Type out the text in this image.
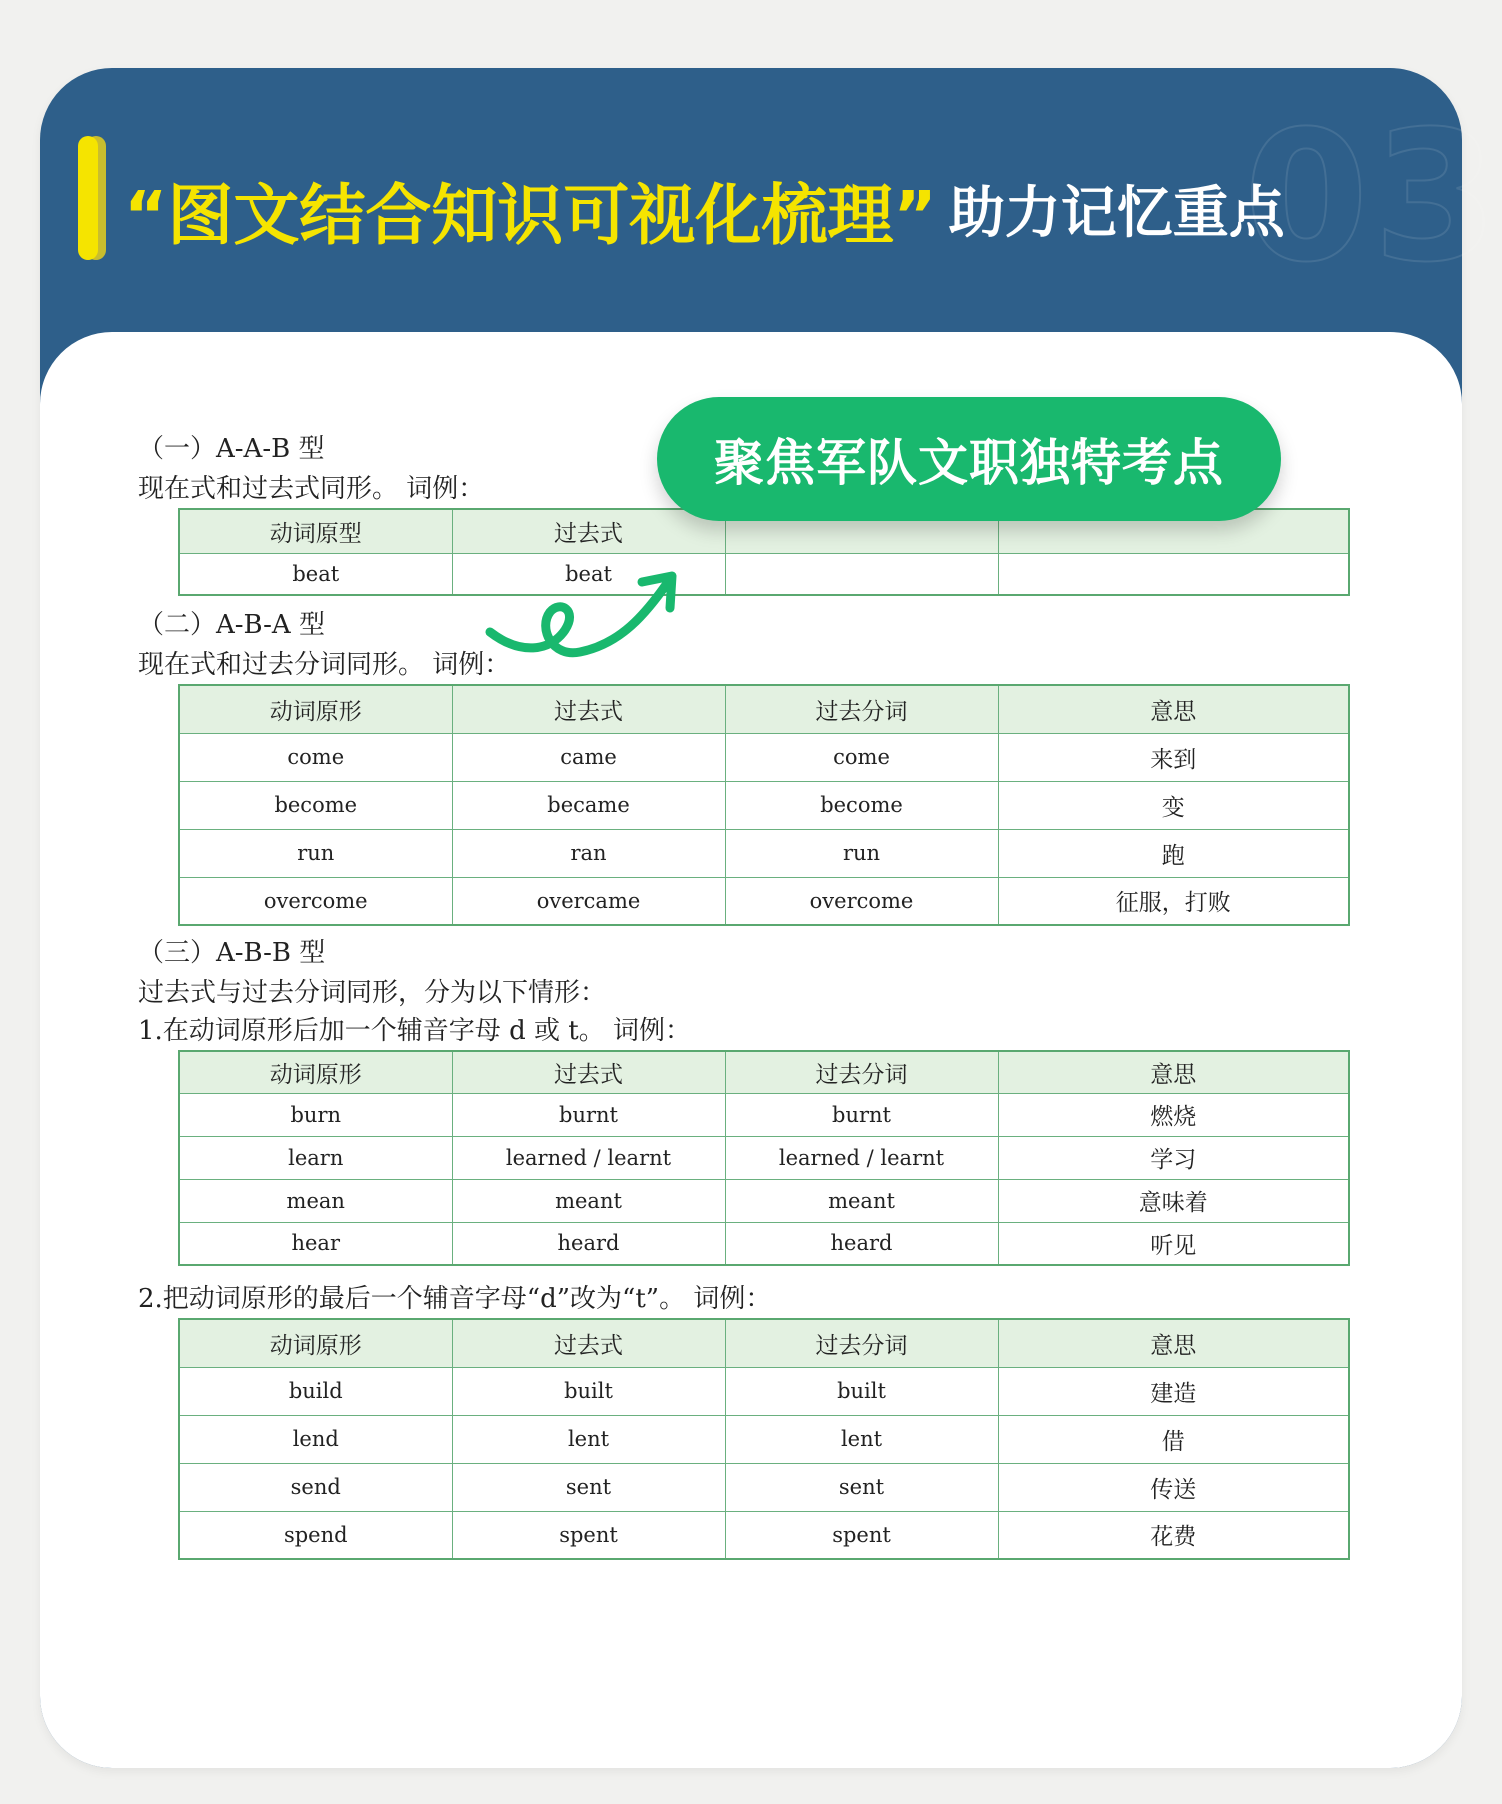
03
“图文结合知识可视化梳理” 助力记忆重点
（一）A-A-B 型
现在式和过去式同形。 词例：
动词原型	过去式		
beat	beat		
（二）A-B-A 型
现在式和过去分词同形。 词例：
动词原形	过去式	过去分词	意思
come	came	come	来到
become	became	become	变
run	ran	run	跑
overcome	overcame	overcome	征服，打败
（三）A-B-B 型
过去式与过去分词同形，分为以下情形：
1.在动词原形后加一个辅音字母 d 或 t。 词例：
动词原形	过去式	过去分词	意思
burn	burnt	burnt	燃烧
learn	learned / learnt	learned / learnt	学习
mean	meant	meant	意味着
hear	heard	heard	听见
2.把动词原形的最后一个辅音字母“d”改为“t”。 词例：
动词原形	过去式	过去分词	意思
build	built	built	建造
lend	lent	lent	借
send	sent	sent	传送
spend	spent	spent	花费
聚焦军队文职独特考点
